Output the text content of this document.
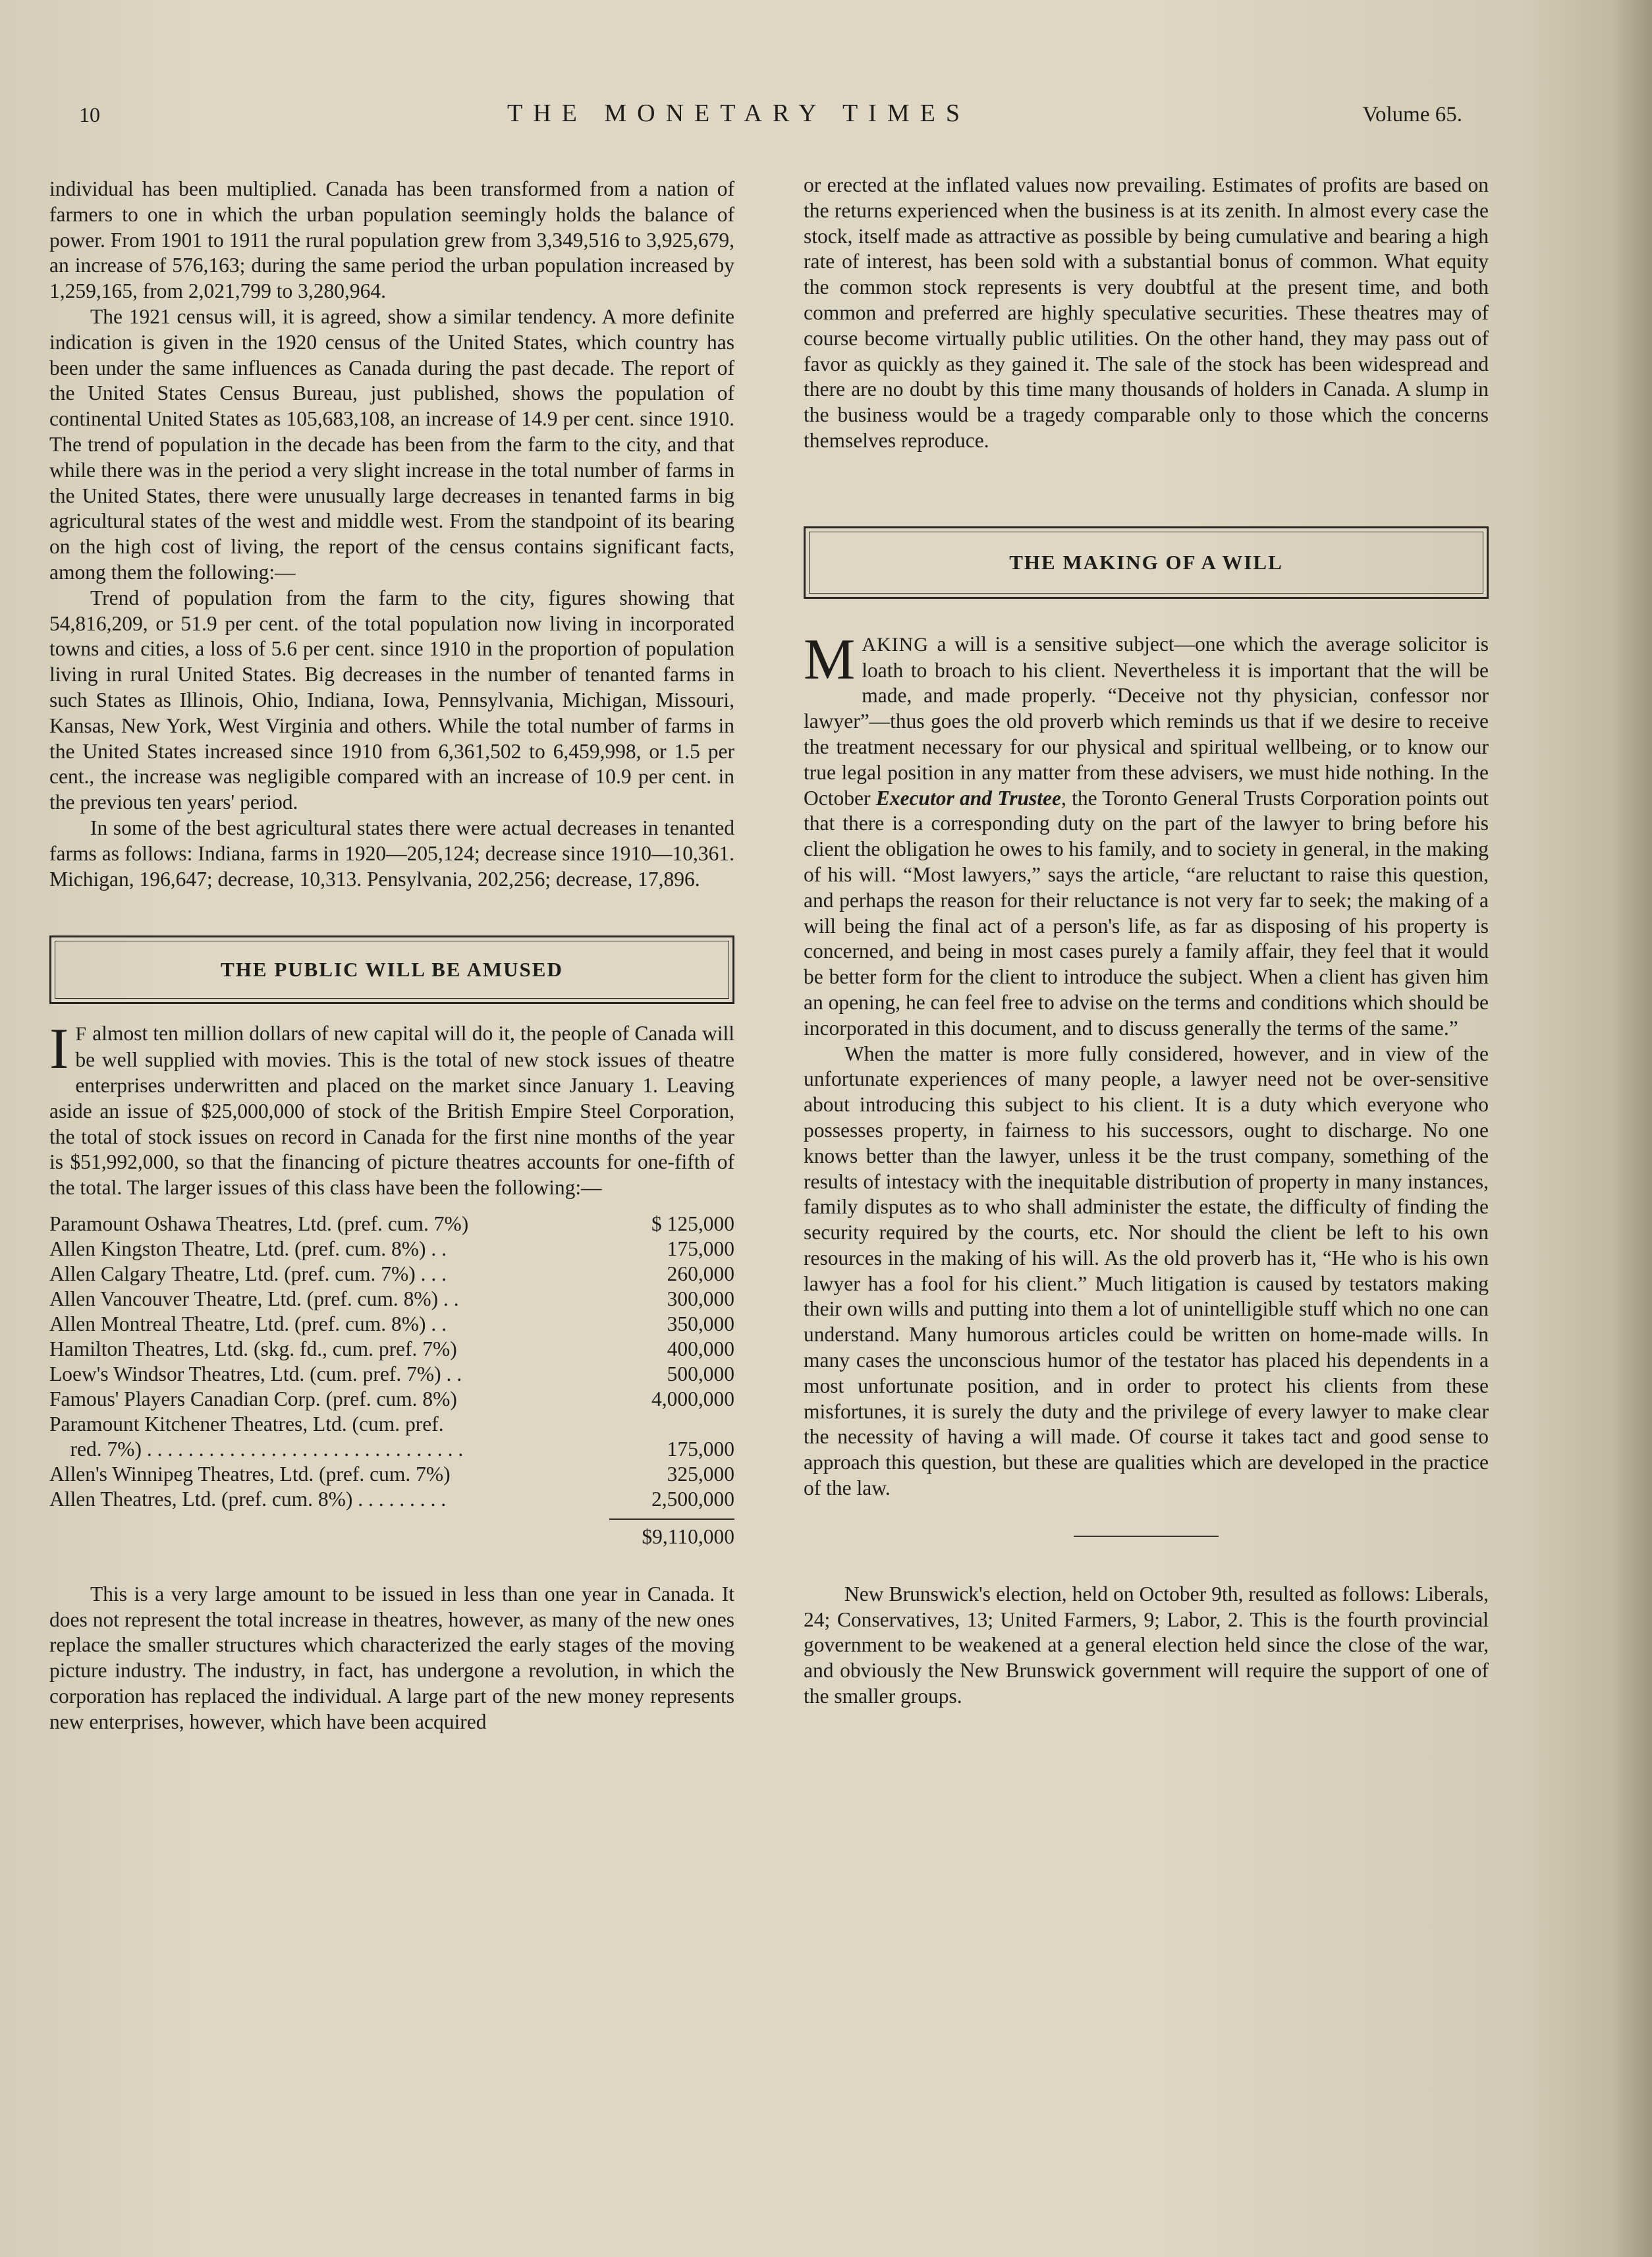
10	THE MONETARY TIMES	Volume 65.

individual has been multiplied. Canada has been transformed from a nation of farmers to one in which the urban population seemingly holds the balance of power. From 1901 to 1911 the rural population grew from 3,349,516 to 3,925,679, an increase of 576,163; during the same period the urban population increased by 1,259,165, from 2,021,799 to 3,280,964.

The 1921 census will, it is agreed, show a similar tendency. A more definite indication is given in the 1920 census of the United States, which country has been under the same influences as Canada during the past decade. The report of the United States Census Bureau, just published, shows the population of continental United States as 105,683,108, an increase of 14.9 per cent. since 1910. The trend of population in the decade has been from the farm to the city, and that while there was in the period a very slight increase in the total number of farms in the United States, there were unusually large decreases in tenanted farms in big agricultural states of the west and middle west. From the standpoint of its bearing on the high cost of living, the report of the census contains significant facts, among them the following:—

Trend of population from the farm to the city, figures showing that 54,816,209, or 51.9 per cent. of the total population now living in incorporated towns and cities, a loss of 5.6 per cent. since 1910 in the proportion of population living in rural United States. Big decreases in the number of tenanted farms in such States as Illinois, Ohio, Indiana, Iowa, Pennsylvania, Michigan, Missouri, Kansas, New York, West Virginia and others. While the total number of farms in the United States increased since 1910 from 6,361,502 to 6,459,998, or 1.5 per cent., the increase was negligible compared with an increase of 10.9 per cent. in the previous ten years' period.

In some of the best agricultural states there were actual decreases in tenanted farms as follows: Indiana, farms in 1920—205,124; decrease since 1910—10,361. Michigan, 196,647; decrease, 10,313. Pensylvania, 202,256; decrease, 17,896.

THE PUBLIC WILL BE AMUSED

I F almost ten million dollars of new capital will do it, the people of Canada will be well supplied with movies. This is the total of new stock issues of theatre enterprises underwritten and placed on the market since January 1. Leaving aside an issue of $25,000,000 of stock of the British Empire Steel Corporation, the total of stock issues on record in Canada for the first nine months of the year is $51,992,000, so that the financing of picture theatres accounts for one-fifth of the total. The larger issues of this class have been the following:—

Paramount Oshawa Theatres, Ltd. (pref. cum. 7%)	$ 125,000
Allen Kingston Theatre, Ltd. (pref. cum. 8%) . .	175,000
Allen Calgary Theatre, Ltd. (pref. cum. 7%) . . .	260,000
Allen Vancouver Theatre, Ltd. (pref. cum. 8%) . .	300,000
Allen Montreal Theatre, Ltd. (pref. cum. 8%) . .	350,000
Hamilton Theatres, Ltd. (skg. fd., cum. pref. 7%)	400,000
Loew's Windsor Theatres, Ltd. (cum. pref. 7%) . .	500,000
Famous' Players Canadian Corp. (pref. cum. 8%)	4,000,000
Paramount Kitchener Theatres, Ltd. (cum. pref.
red. 7%) . . . . . . . . . . . . . . . . . . . . . . . . . . . . . . .	175,000
Allen's Winnipeg Theatres, Ltd. (pref. cum. 7%)	325,000
Allen Theatres, Ltd. (pref. cum. 8%) . . . . . . . . .	2,500,000
$9,110,000

This is a very large amount to be issued in less than one year in Canada. It does not represent the total increase in theatres, however, as many of the new ones replace the smaller structures which characterized the early stages of the moving picture industry. The industry, in fact, has undergone a revolution, in which the corporation has replaced the individual. A large part of the new money represents new enterprises, however, which have been acquired

or erected at the inflated values now prevailing. Estimates of profits are based on the returns experienced when the business is at its zenith. In almost every case the stock, itself made as attractive as possible by being cumulative and bearing a high rate of interest, has been sold with a substantial bonus of common. What equity the common stock represents is very doubtful at the present time, and both common and preferred are highly speculative securities. These theatres may of course become virtually public utilities. On the other hand, they may pass out of favor as quickly as they gained it. The sale of the stock has been widespread and there are no doubt by this time many thousands of holders in Canada. A slump in the business would be a tragedy comparable only to those which the concerns themselves reproduce.

THE MAKING OF A WILL

MAKING a will is a sensitive subject—one which the average solicitor is loath to broach to his client. Nevertheless it is important that the will be made, and made properly. “Deceive not thy physician, confessor nor lawyer”—thus goes the old proverb which reminds us that if we desire to receive the treatment necessary for our physical and spiritual wellbeing, or to know our true legal position in any matter from these advisers, we must hide nothing. In the October Executor and Trustee, the Toronto General Trusts Corporation points out that there is a corresponding duty on the part of the lawyer to bring before his client the obligation he owes to his family, and to society in general, in the making of his will. “Most lawyers,” says the article, “are reluctant to raise this question, and perhaps the reason for their reluctance is not very far to seek; the making of a will being the final act of a person's life, as far as disposing of his property is concerned, and being in most cases purely a family affair, they feel that it would be better form for the client to introduce the subject. When a client has given him an opening, he can feel free to advise on the terms and conditions which should be incorporated in this document, and to discuss generally the terms of the same.”

When the matter is more fully considered, however, and in view of the unfortunate experiences of many people, a lawyer need not be over-sensitive about introducing this subject to his client. It is a duty which everyone who possesses property, in fairness to his successors, ought to discharge. No one knows better than the lawyer, unless it be the trust company, something of the results of intestacy with the inequitable distribution of property in many instances, family disputes as to who shall administer the estate, the difficulty of finding the security required by the courts, etc. Nor should the client be left to his own resources in the making of his will. As the old proverb has it, “He who is his own lawyer has a fool for his client.” Much litigation is caused by testators making their own wills and putting into them a lot of unintelligible stuff which no one can understand. Many humorous articles could be written on home-made wills. In many cases the unconscious humor of the testator has placed his dependents in a most unfortunate position, and in order to protect his clients from these misfortunes, it is surely the duty and the privilege of every lawyer to make clear the necessity of having a will made. Of course it takes tact and good sense to approach this question, but these are qualities which are developed in the practice of the law.

New Brunswick's election, held on October 9th, resulted as follows: Liberals, 24; Conservatives, 13; United Farmers, 9; Labor, 2. This is the fourth provincial government to be weakened at a general election held since the close of the war, and obviously the New Brunswick government will require the support of one of the smaller groups.
